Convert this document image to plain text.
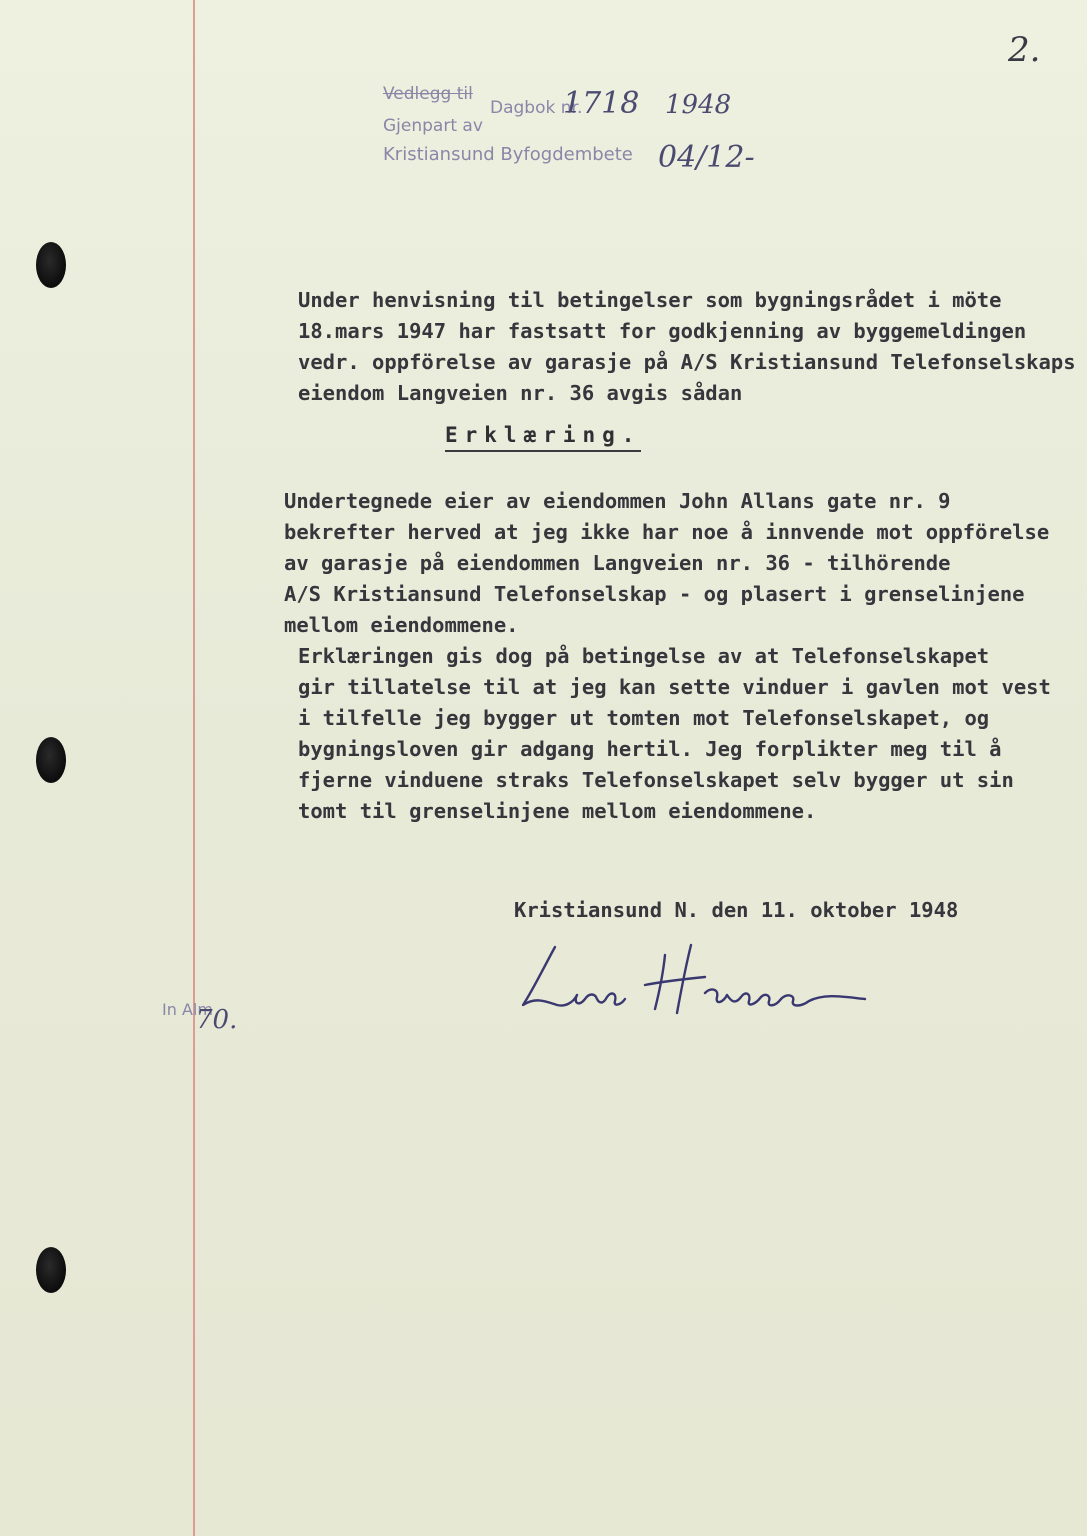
2.
Vedlegg til
Gjenpart av
Dagbok nr.
Kristiansund Byfogdembete
1718 1948
04/12-
Under henvisning til betingelser som bygningsrådet i möte
18.mars 1947 har fastsatt for godkjenning av byggemeldingen
vedr. oppförelse av garasje på A/S Kristiansund Telefonselskaps
eiendom Langveien nr. 36 avgis sådan
Erklæring.
Undertegnede eier av eiendommen John Allans gate nr. 9
bekrefter herved at jeg ikke har noe å innvende mot oppförelse
av garasje på eiendommen Langveien nr. 36 - tilhörende
A/S Kristiansund Telefonselskap - og plasert i grenselinjene
mellom eiendommene.
Erklæringen gis dog på betingelse av at Telefonselskapet
gir tillatelse til at jeg kan sette vinduer i gavlen mot vest
i tilfelle jeg bygger ut tomten mot Telefonselskapet, og
bygningsloven gir adgang hertil. Jeg forplikter meg til å
fjerne vinduene straks Telefonselskapet selv bygger ut sin
tomt til grenselinjene mellom eiendommene.
Kristiansund N. den 11. oktober 1948
In Alm
70.
